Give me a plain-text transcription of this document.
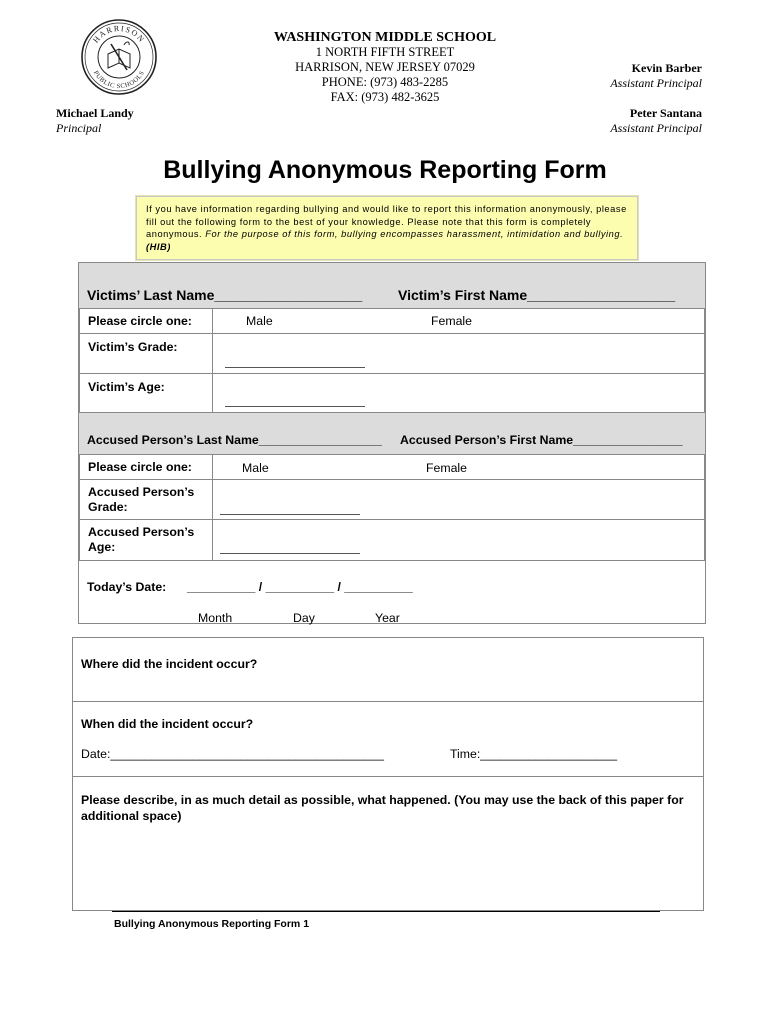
HARRISON
PUBLIC SCHOOLS
WASHINGTON MIDDLE SCHOOL
1 NORTH FIFTH STREET
HARRISON, NEW JERSEY 07029
PHONE: (973) 483-2285
FAX: (973) 482-3625
Kevin Barber
Assistant Principal
Peter Santana
Assistant Principal
Michael Landy
Principal
Bullying Anonymous Reporting Form
If you have information regarding bullying and would like to report this information anonymously, please fill out the following form to the best of your knowledge. Please note that this form is completely anonymous. For the purpose of this form, bullying encompasses harassment, intimidation and bullying. (HIB)
Victims’ Last Name___________________	Victim’s First Name___________________
Please circle one:	Male	Female
Victim’s Grade:
Victim’s Age:
Accused Person’s Last Name__________________ Accused Person’s First Name________________
Please circle one:	Male	Female
Accused Person’s Grade:
Accused Person’s Age:
Today’s Date: __________ / __________ / __________
Month	Day	Year
Where did the incident occur?
When did the incident occur?
Date:________________________________________	Time:____________________
Please describe, in as much detail as possible, what happened. (You may use the back of this paper for additional space)
Bullying Anonymous Reporting Form 1
